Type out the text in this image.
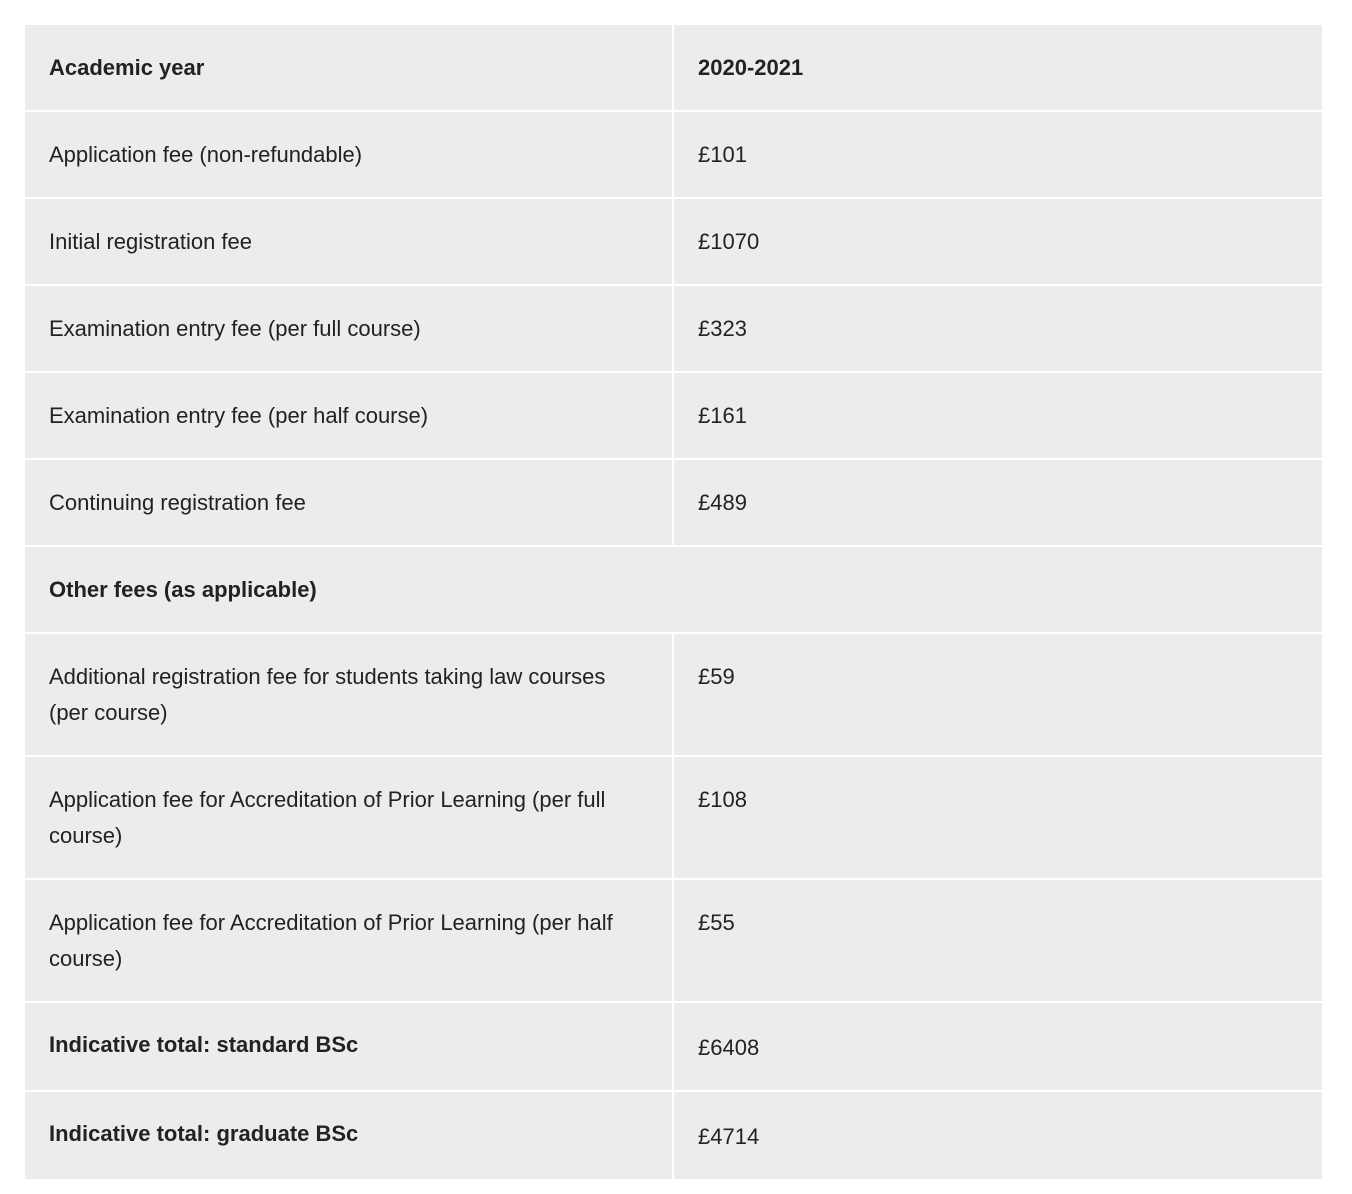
Academic year	2020-2021
Application fee (non-refundable)	£101
Initial registration fee	£1070
Examination entry fee (per full course)	£323
Examination entry fee (per half course)	£161
Continuing registration fee	£489
Other fees (as applicable)	
Additional registration fee for students taking law courses (per course)	£59
Application fee for Accreditation of Prior Learning (per full course)	£108
Application fee for Accreditation of Prior Learning (per half course)	£55
Indicative total: standard BSc	£6408
Indicative total: graduate BSc	£4714
